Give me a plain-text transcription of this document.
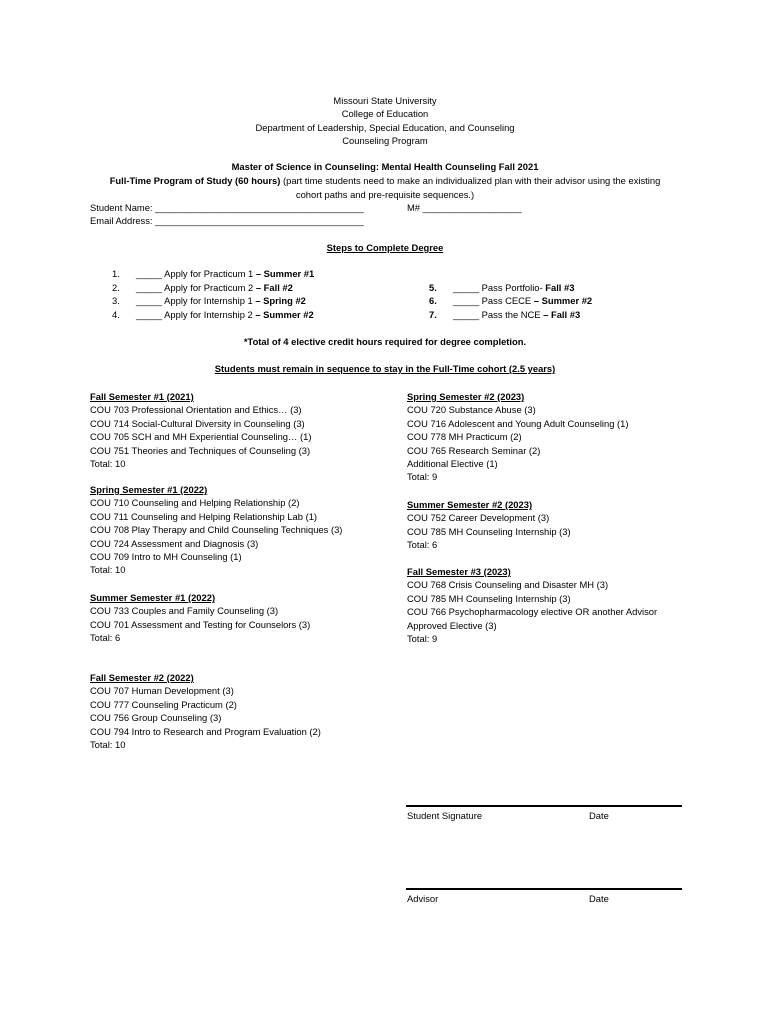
Missouri State University
College of Education
Department of Leadership, Special Education, and Counseling
Counseling Program
Master of Science in Counseling: Mental Health Counseling Fall 2021
Full-Time Program of Study (60 hours) (part time students need to make an individualized plan with their advisor using the existing
cohort paths and pre-requisite sequences.)
Student Name: ________________________________________	M# ___________________
Email Address: ________________________________________
Steps to Complete Degree
1. _____ Apply for Practicum 1 – Summer #1
2. _____ Apply for Practicum 2 – Fall #2
3. _____ Apply for Internship 1 – Spring #2
4. _____ Apply for Internship 2 – Summer #2
5. _____ Pass Portfolio- Fall #3
6. _____ Pass CECE – Summer #2
7. _____ Pass the NCE – Fall #3
*Total of 4 elective credit hours required for degree completion.
Students must remain in sequence to stay in the Full-Time cohort (2.5 years)
Fall Semester #1 (2021)
COU 703 Professional Orientation and Ethics… (3)
COU 714 Social-Cultural Diversity in Counseling (3)
COU 705 SCH and MH Experiential Counseling… (1)
COU 751 Theories and Techniques of Counseling (3)
Total: 10
Spring Semester #1 (2022)
COU 710 Counseling and Helping Relationship (2)
COU 711 Counseling and Helping Relationship Lab (1)
COU 708 Play Therapy and Child Counseling Techniques (3)
COU 724 Assessment and Diagnosis (3)
COU 709 Intro to MH Counseling (1)
Total: 10
Summer Semester #1 (2022)
COU 733 Couples and Family Counseling (3)
COU 701 Assessment and Testing for Counselors (3)
Total: 6
Fall Semester #2 (2022)
COU 707 Human Development (3)
COU 777 Counseling Practicum (2)
COU 756 Group Counseling (3)
COU 794 Intro to Research and Program Evaluation (2)
Total: 10
Spring Semester #2 (2023)
COU 720 Substance Abuse (3)
COU 716 Adolescent and Young Adult Counseling (1)
COU 778 MH Practicum (2)
COU 765 Research Seminar (2)
Additional Elective (1)
Total: 9
Summer Semester #2 (2023)
COU 752 Career Development (3)
COU 785 MH Counseling Internship (3)
Total: 6
Fall Semester #3 (2023)
COU 768 Crisis Counseling and Disaster MH (3)
COU 785 MH Counseling Internship (3)
COU 766 Psychopharmacology elective OR another Advisor
Approved Elective (3)
Total: 9
Student Signature	Date
Advisor	Date
